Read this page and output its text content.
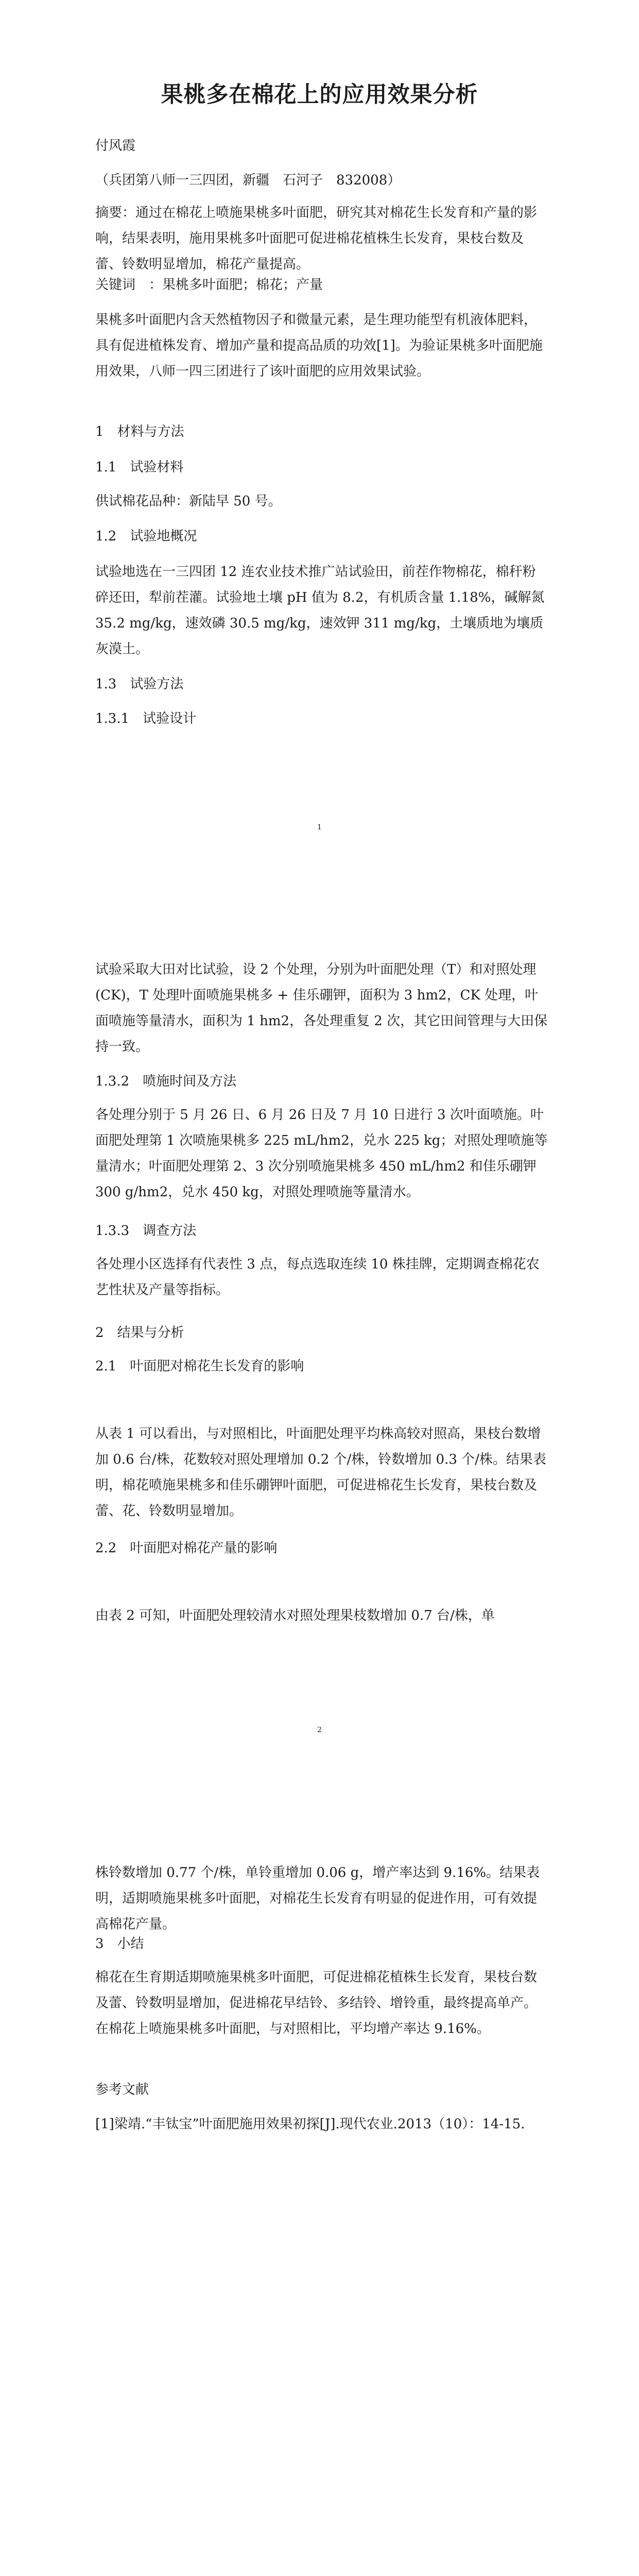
果桃多在棉花上的应用效果分析

付风霞

（兵团第八师一三四团，新疆　石河子　832008）

摘要：通过在棉花上喷施果桃多叶面肥，研究其对棉花生长发育和产量的影响，结果表明，施用果桃多叶面肥可促进棉花植株生长发育，果枝台数及蕾、铃数明显增加，棉花产量提高。

关键词　：果桃多叶面肥；棉花；产量

果桃多叶面肥内含天然植物因子和微量元素，是生理功能型有机液体肥料，具有促进植株发育、增加产量和提高品质的功效[1]。为验证果桃多叶面肥施用效果，八师一四三团进行了该叶面肥的应用效果试验。

1　材料与方法

1.1　试验材料

供试棉花品种：新陆早 50 号。

1.2　试验地概况

试验地选在一三四团 12 连农业技术推广站试验田，前茬作物棉花，棉秆粉碎还田，犁前茬灌。试验地土壤 pH 值为 8.2，有机质含量 1.18%，碱解氮 35.2 mg/kg，速效磷 30.5 mg/kg，速效钾 311 mg/kg，土壤质地为壤质灰漠土。

1.3　试验方法

1.3.1　试验设计

1

试验采取大田对比试验，设 2 个处理，分别为叶面肥处理（T）和对照处理(CK)，T 处理叶面喷施果桃多 + 佳乐硼钾，面积为 3 hm2，CK 处理，叶面喷施等量清水，面积为 1 hm2，各处理重复 2 次，其它田间管理与大田保持一致。

1.3.2　喷施时间及方法

各处理分别于 5 月 26 日、6 月 26 日及 7 月 10 日进行 3 次叶面喷施。叶面肥处理第 1 次喷施果桃多 225 mL/hm2，兑水 225 kg；对照处理喷施等量清水；叶面肥处理第 2、3 次分别喷施果桃多 450 mL/hm2 和佳乐硼钾 300 g/hm2，兑水 450 kg，对照处理喷施等量清水。

1.3.3　调查方法

各处理小区选择有代表性 3 点，每点选取连续 10 株挂牌，定期调查棉花农艺性状及产量等指标。

2　结果与分析

2.1　叶面肥对棉花生长发育的影响

从表 1 可以看出，与对照相比，叶面肥处理平均株高较对照高，果枝台数增加 0.6 台/株，花数较对照处理增加 0.2 个/株，铃数增加 0.3 个/株。结果表明，棉花喷施果桃多和佳乐硼钾叶面肥，可促进棉花生长发育，果枝台数及蕾、花、铃数明显增加。

2.2　叶面肥对棉花产量的影响

由表 2 可知，叶面肥处理较清水对照处理果枝数增加 0.7 台/株，单

2

株铃数增加 0.77 个/株，单铃重增加 0.06 g，增产率达到 9.16%。结果表明，适期喷施果桃多叶面肥，对棉花生长发育有明显的促进作用，可有效提高棉花产量。

3　小结

棉花在生育期适期喷施果桃多叶面肥，可促进棉花植株生长发育，果枝台数及蕾、铃数明显增加，促进棉花早结铃、多结铃、增铃重，最终提高单产。在棉花上喷施果桃多叶面肥，与对照相比，平均增产率达 9.16%。

参考文献

[1]梁靖.“丰钛宝”叶面肥施用效果初探[J].现代农业.2013（10）：14-15.
